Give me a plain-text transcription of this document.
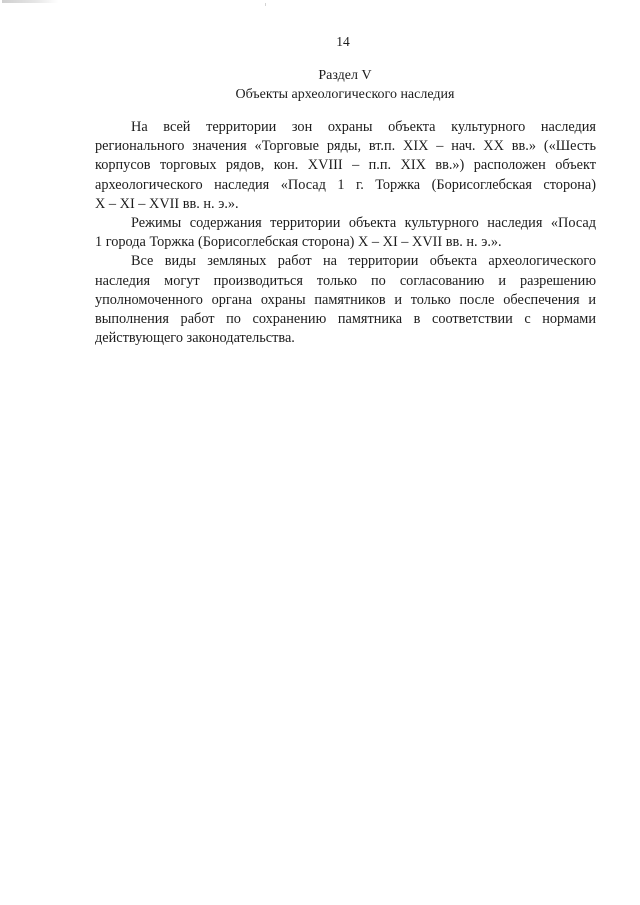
14
Раздел V
Объекты археологического наследия

На всей территории зон охраны объекта культурного наследия
регионального значения «Торговые ряды, вт.п. XIX – нач. XX вв.» («Шесть
корпусов торговых рядов, кон. XVIII – п.п. XIX вв.») расположен объект
археологического наследия «Посад 1 г. Торжка (Борисоглебская сторона)
X – XI – XVII вв. н. э.».

Режимы содержания территории объекта культурного наследия «Посад
1 города Торжка (Борисоглебская сторона) X – XI – XVII вв. н. э.».

Все виды земляных работ на территории объекта археологического
наследия могут производиться только по согласованию и разрешению
уполномоченного органа охраны памятников и только после обеспечения и
выполнения работ по сохранению памятника в соответствии с нормами
действующего законодательства.
